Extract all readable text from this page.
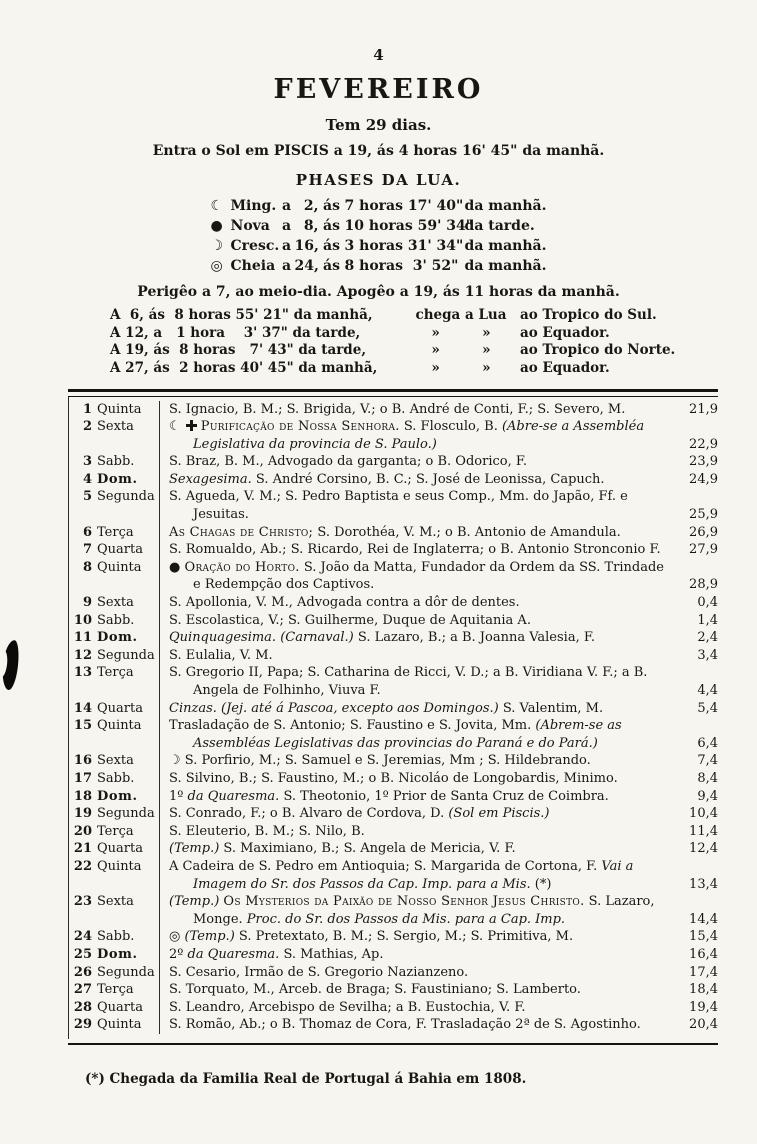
4
FEVEREIRO
Tem 29 dias.
Entra o Sol em PISCIS a 19, ás 4 horas 16' 45" da manhã.
PHASES DA LUA.
☾ Ming. a 2, ás 7 horas 17' 40" da manhã.
● Nova a 8, ás 10 horas 59' 34"
da tarde.
☽ Cresc. a 16, ás 3 horas 31' 34" da manhã.
◎ Cheia a 24, ás 8 horas  3' 52" da manhã.
Perigêo a 7, ao meio-dia. Apogêo a 19, ás 11 horas da manhã.
A  6, ás  8 horas 55' 21" da manhã,	chega a Lua	ao Tropico do Sul.
A 12, a   1 hora    3' 37" da tarde,	»         »	ao Equador.
A 19, ás  8 horas   7' 43" da tarde,	»         »	ao Tropico do Norte.
A 27, ás  2 horas 40' 45" da manhã,	»         »	ao Equador.
1 Quinta	S. Ignacio, B. M.; S. Brigida, V.; o B. André de Conti, F.; S. Severo, M.	21,9
2 Sexta	☾ Purificação de Nossa Senhora. S. Flosculo, B. (Abre-se a Assembléa Legislativa da provincia de S. Paulo.)	22,9
3 Sabb.	S. Braz, B. M., Advogado da garganta; o B. Odorico, F.	23,9
4 Dom.	Sexagesima. S. André Corsino, B. C.; S. José de Leonissa, Capuch.	24,9
5 Segunda	S. Agueda, V. M.; S. Pedro Baptista e seus Comp., Mm. do Japão, Ff. e Jesuitas.	25,9
6 Terça	As Chagas de Christo; S. Dorothéa, V. M.; o B. Antonio de Amandula.	26,9
7 Quarta	S. Romualdo, Ab.; S. Ricardo, Rei de Inglaterra; o B. Antonio Stronconio F.	27,9
8 Quinta	● Oração do Horto. S. João da Matta, Fundador da Ordem da SS. Trindade e Redempção dos Captivos.	28,9
9 Sexta	S. Apollonia, V. M., Advogada contra a dôr de dentes.	0,4
10 Sabb.	S. Escolastica, V.; S. Guilherme, Duque de Aquitania A.	1,4
11 Dom.	Quinquagesima. (Carnaval.) S. Lazaro, B.; a B. Joanna Valesia, F.	2,4
12 Segunda	S. Eulalia, V. M.	3,4
13 Terça	S. Gregorio II, Papa; S. Catharina de Ricci, V. D.; a B. Viridiana V. F.; a B. Angela de Folhinho, Viuva F.	4,4
14 Quarta	Cinzas. (Jej. até á Pascoa, excepto aos Domingos.) S. Valentim, M.	5,4
15 Quinta	Trasladação de S. Antonio; S. Faustino e S. Jovita, Mm. (Abrem-se as Assembléas Legislativas das provincias do Paraná e do Pará.)	6,4
16 Sexta	☽ S. Porfirio, M.; S. Samuel e S. Jeremias, Mm ; S. Hildebrando.	7,4
17 Sabb.	S. Silvino, B.; S. Faustino, M.; o B. Nicoláo de Longobardis, Minimo.	8,4
18 Dom.	1º da Quaresma. S. Theotonio, 1º Prior de Santa Cruz de Coimbra.	9,4
19 Segunda	S. Conrado, F.; o B. Alvaro de Cordova, D. (Sol em Piscis.)	10,4
20 Terça	S. Eleuterio, B. M.; S. Nilo, B.	11,4
21 Quarta	(Temp.) S. Maximiano, B.; S. Angela de Mericia, V. F.	12,4
22 Quinta	A Cadeira de S. Pedro em Antioquia; S. Margarida de Cortona, F. Vai a Imagem do Sr. dos Passos da Cap. Imp. para a Mis. (*)	13,4
23 Sexta	(Temp.) Os Mysterios da Paixão de Nosso Senhor Jesus Christo. S. Lazaro, Monge. Proc. do Sr. dos Passos da Mis. para a Cap. Imp.	14,4
24 Sabb.	◎ (Temp.) S. Pretextato, B. M.; S. Sergio, M.; S. Primitiva, M.	15,4
25 Dom.	2º da Quaresma. S. Mathias, Ap.	16,4
26 Segunda	S. Cesario, Irmão de S. Gregorio Nazianzeno.	17,4
27 Terça	S. Torquato, M., Arceb. de Braga; S. Faustiniano; S. Lamberto.	18,4
28 Quarta	S. Leandro, Arcebispo de Sevilha; a B. Eustochia, V. F.	19,4
29 Quinta	S. Romão, Ab.; o B. Thomaz de Cora, F. Trasladação 2ª de S. Agostinho.	20,4
(*) Chegada da Familia Real de Portugal á Bahia em 1808.
